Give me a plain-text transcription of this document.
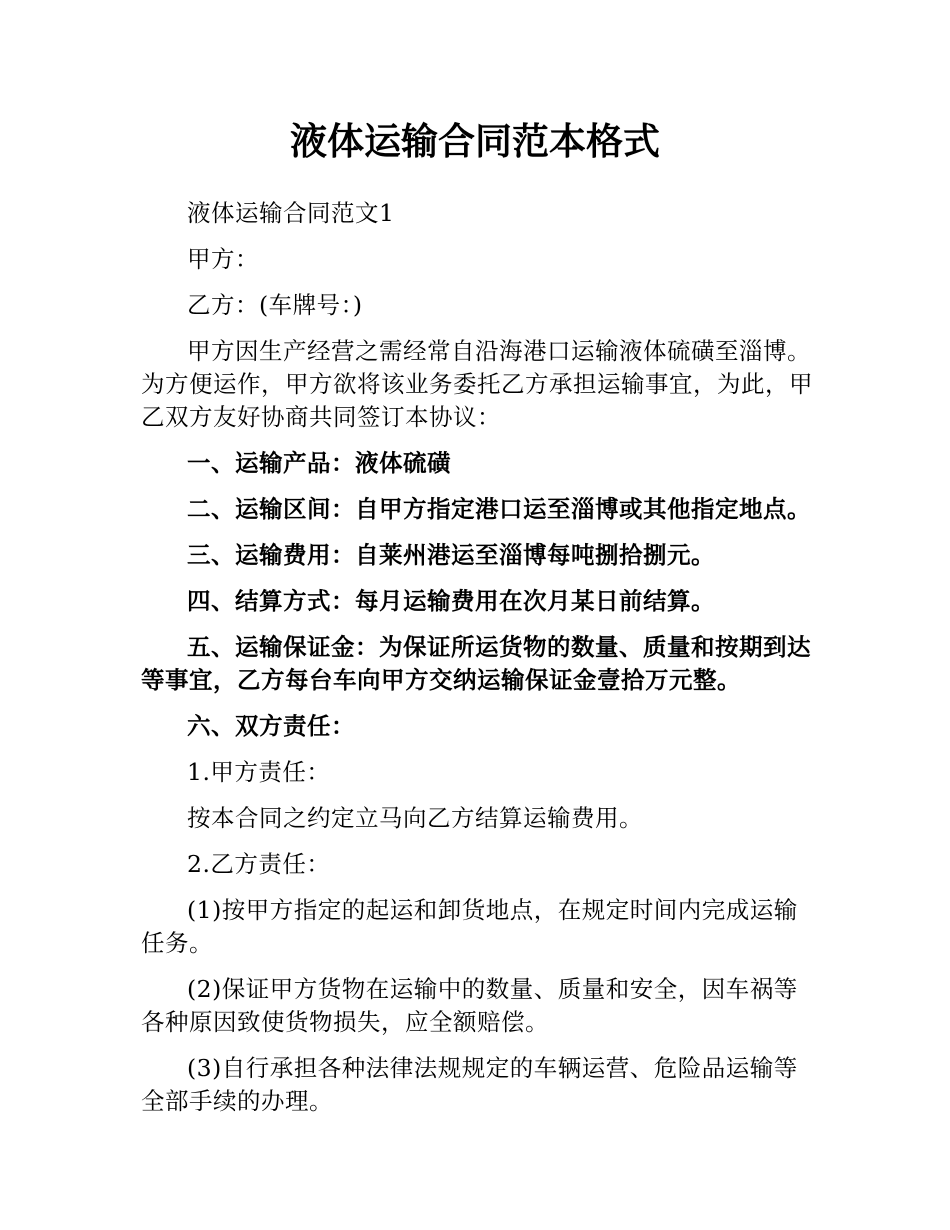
液体运输合同范本格式

液体运输合同范文1

甲方：

乙方：(车牌号：)

甲方因生产经营之需经常自沿海港口运输液体硫磺至淄博。为方便运作，甲方欲将该业务委托乙方承担运输事宜，为此，甲乙双方友好协商共同签订本协议：

一、运输产品：液体硫磺

二、运输区间：自甲方指定港口运至淄博或其他指定地点。

三、运输费用：自莱州港运至淄博每吨捌拾捌元。

四、结算方式：每月运输费用在次月某日前结算。

五、运输保证金：为保证所运货物的数量、质量和按期到达等事宜，乙方每台车向甲方交纳运输保证金壹拾万元整。

六、双方责任：

1.甲方责任：

按本合同之约定立马向乙方结算运输费用。

2.乙方责任：

(1)按甲方指定的起运和卸货地点，在规定时间内完成运输任务。

(2)保证甲方货物在运输中的数量、质量和安全，因车祸等各种原因致使货物损失，应全额赔偿。

(3)自行承担各种法律法规规定的车辆运营、危险品运输等全部手续的办理。
